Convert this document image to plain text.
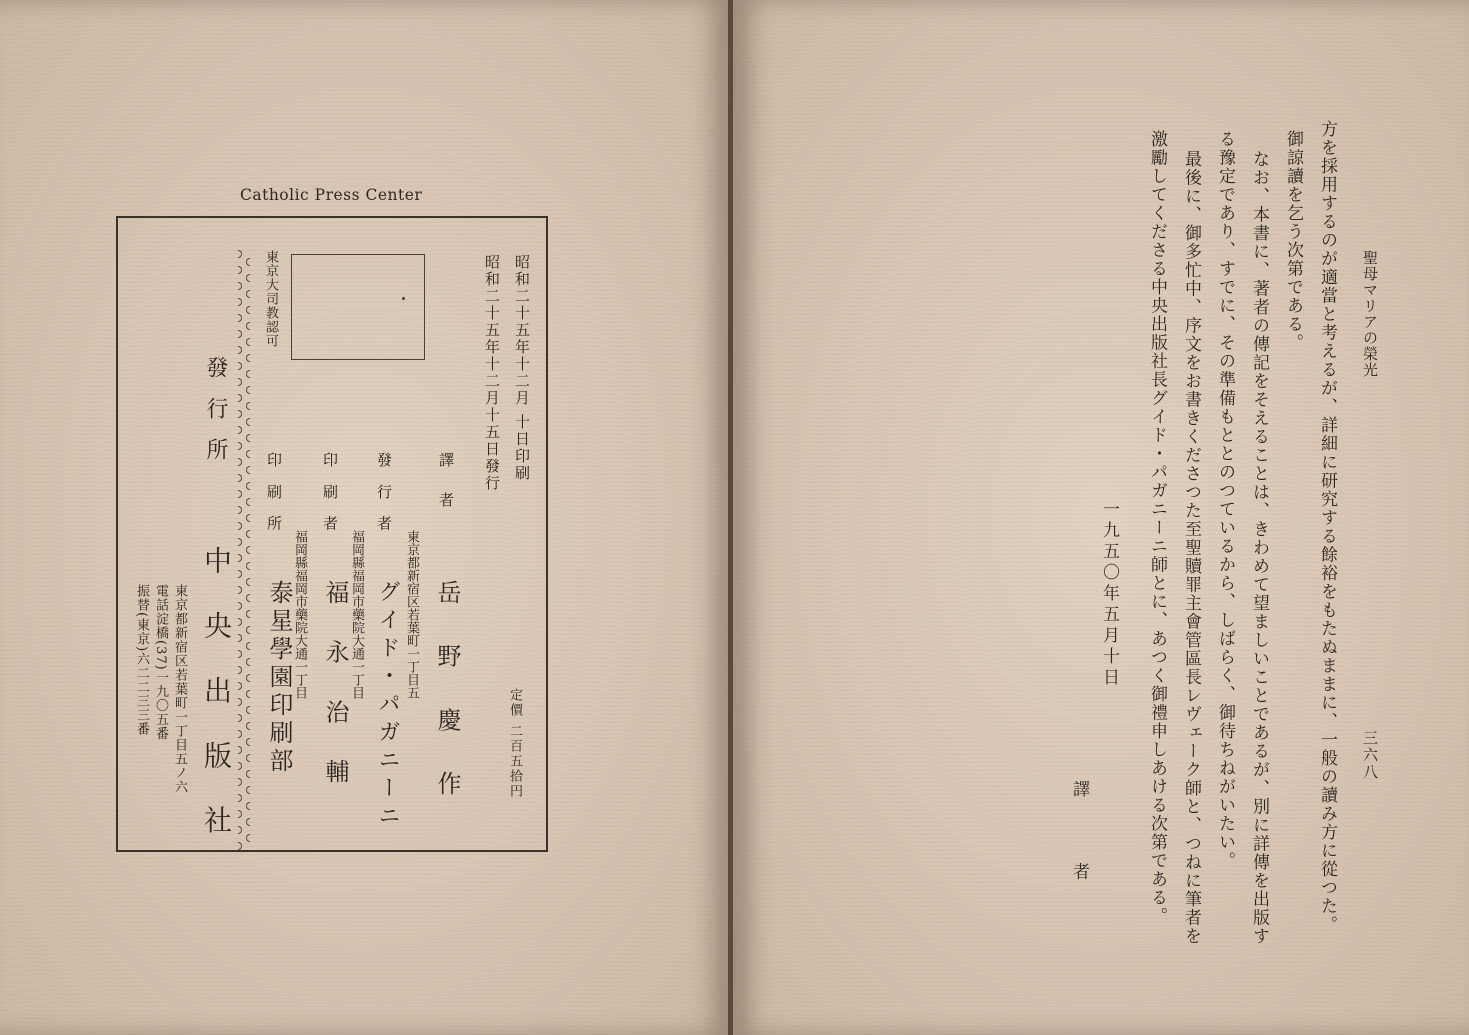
Catholic Press Center
昭和二十五年十二月 十日印刷
昭和二十五年十二月十五日發行
定價 二百五拾円
東京大司教認可
譯 者
岳 野 慶 作
發 行 者
東京都新宿区若葉町一丁目五
グイド・パガニーニ
印 刷 者
福岡縣福岡市藥院大通一丁目
福 永 治 輔
印 刷 所
福岡縣福岡市藥院大通一丁目
泰星學園印刷部
發 行 所
中 央 出 版 社
東京都新宿区若葉町一丁目五ノ六
電話淀橋(37)一九〇五番
振替(東京)六二二三三番
聖母マリアの榮光
三六八
方を採用するのが適當と考えるが、詳細に研究する餘裕をもたぬままに、一般の讀み方に從つた。
御諒讀を乞う次第である。
なお、本書に、著者の傳記をそえることは、きわめて望ましいことであるが、別に詳傳を出版す
る豫定であり、すでに、その準備もととのつているから、しばらく、御待ちねがいたい。
最後に、御多忙中、序文をお書きくださつた至聖贖罪主會管區長レヴェーク師と、つねに筆者を
激勵してくださる中央出版社長グイド・パガニーニ師とに、あつく御禮申しあける次第である。
一九五〇年五月十日
譯 者
